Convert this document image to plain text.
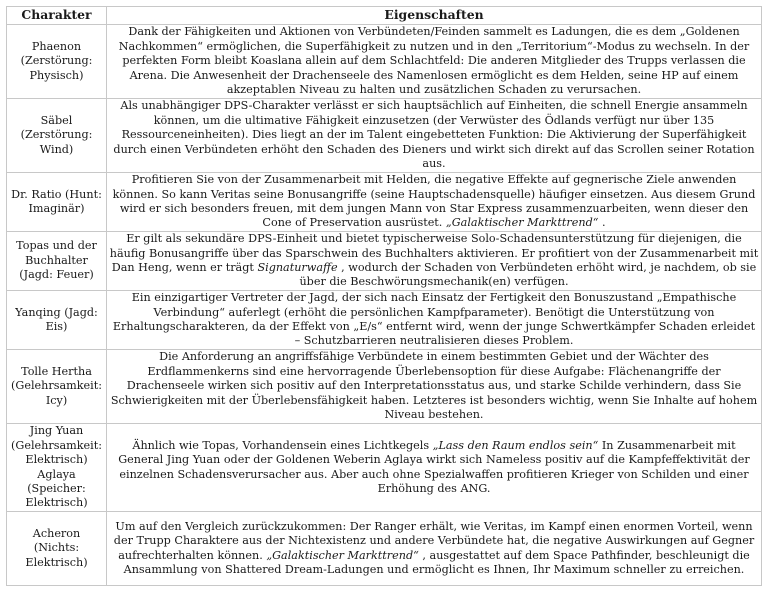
Charakter	Eigenschaften
Phaenon (Zerstörung: Physisch)	Dank der Fähigkeiten und Aktionen von Verbündeten/Feinden sammelt es Ladungen, die es dem „Goldenen Nachkommen“ ermöglichen, die Superfähigkeit zu nutzen und in den „Territorium“-Modus zu wechseln. In der perfekten Form bleibt Koaslana allein auf dem Schlachtfeld: Die anderen Mitglieder des Trupps verlassen die Arena. Die Anwesenheit der Drachenseele des Namenlosen ermöglicht es dem Helden, seine HP auf einem akzeptablen Niveau zu halten und zusätzlichen Schaden zu verursachen.
Säbel (Zerstörung: Wind)	Als unabhängiger DPS-Charakter verlässt er sich hauptsächlich auf Einheiten, die schnell Energie ansammeln können, um die ultimative Fähigkeit einzusetzen (der Verwüster des Ödlands verfügt nur über 135 Ressourceneinheiten). Dies liegt an der im Talent eingebetteten Funktion: Die Aktivierung der Superfähigkeit durch einen Verbündeten erhöht den Schaden des Dieners und wirkt sich direkt auf das Scrollen seiner Rotation aus.
Dr. Ratio (Hunt: Imaginär)	Profitieren Sie von der Zusammenarbeit mit Helden, die negative Effekte auf gegnerische Ziele anwenden können. So kann Veritas seine Bonusangriffe (seine Hauptschadensquelle) häufiger einsetzen. Aus diesem Grund wird er sich besonders freuen, mit dem jungen Mann von Star Express zusammenzuarbeiten, wenn dieser den Cone of Preservation ausrüstet. „Galaktischer Markttrend“ .
Topas und der Buchhalter (Jagd: Feuer)	Er gilt als sekundäre DPS-Einheit und bietet typischerweise Solo-Schadensunterstützung für diejenigen, die häufig Bonusangriffe über das Sparschwein des Buchhalters aktivieren. Er profitiert von der Zusammenarbeit mit Dan Heng, wenn er trägt Signaturwaffe , wodurch der Schaden von Verbündeten erhöht wird, je nachdem, ob sie über die Beschwörungsmechanik(en) verfügen.
Yanqing (Jagd: Eis)	Ein einzigartiger Vertreter der Jagd, der sich nach Einsatz der Fertigkeit den Bonuszustand „Empathische Verbindung“ auferlegt (erhöht die persönlichen Kampfparameter). Benötigt die Unterstützung von Erhaltungscharakteren, da der Effekt von „E/s“ entfernt wird, wenn der junge Schwertkämpfer Schaden erleidet – Schutzbarrieren neutralisieren dieses Problem.
Tolle Hertha (Gelehrsamkeit: Icy)	Die Anforderung an angriffsfähige Verbündete in einem bestimmten Gebiet und der Wächter des Erdflammenkerns sind eine hervorragende Überlebensoption für diese Aufgabe: Flächenangriffe der Drachenseele wirken sich positiv auf den Interpretationsstatus aus, und starke Schilde verhindern, dass Sie Schwierigkeiten mit der Überlebensfähigkeit haben. Letzteres ist besonders wichtig, wenn Sie Inhalte auf hohem Niveau bestehen.
Jing Yuan (Gelehrsamkeit: Elektrisch) Aglaya (Speicher: Elektrisch)	Ähnlich wie Topas, Vorhandensein eines Lichtkegels „Lass den Raum endlos sein“ In Zusammenarbeit mit General Jing Yuan oder der Goldenen Weberin Aglaya wirkt sich Nameless positiv auf die Kampfeffektivität der einzelnen Schadensverursacher aus. Aber auch ohne Spezialwaffen profitieren Krieger von Schilden und einer Erhöhung des ANG.
Acheron (Nichts: Elektrisch)	Um auf den Vergleich zurückzukommen: Der Ranger erhält, wie Veritas, im Kampf einen enormen Vorteil, wenn der Trupp Charaktere aus der Nichtexistenz und andere Verbündete hat, die negative Auswirkungen auf Gegner aufrechterhalten können. „Galaktischer Markttrend“ , ausgestattet auf dem Space Pathfinder, beschleunigt die Ansammlung von Shattered Dream-Ladungen und ermöglicht es Ihnen, Ihr Maximum schneller zu erreichen.
